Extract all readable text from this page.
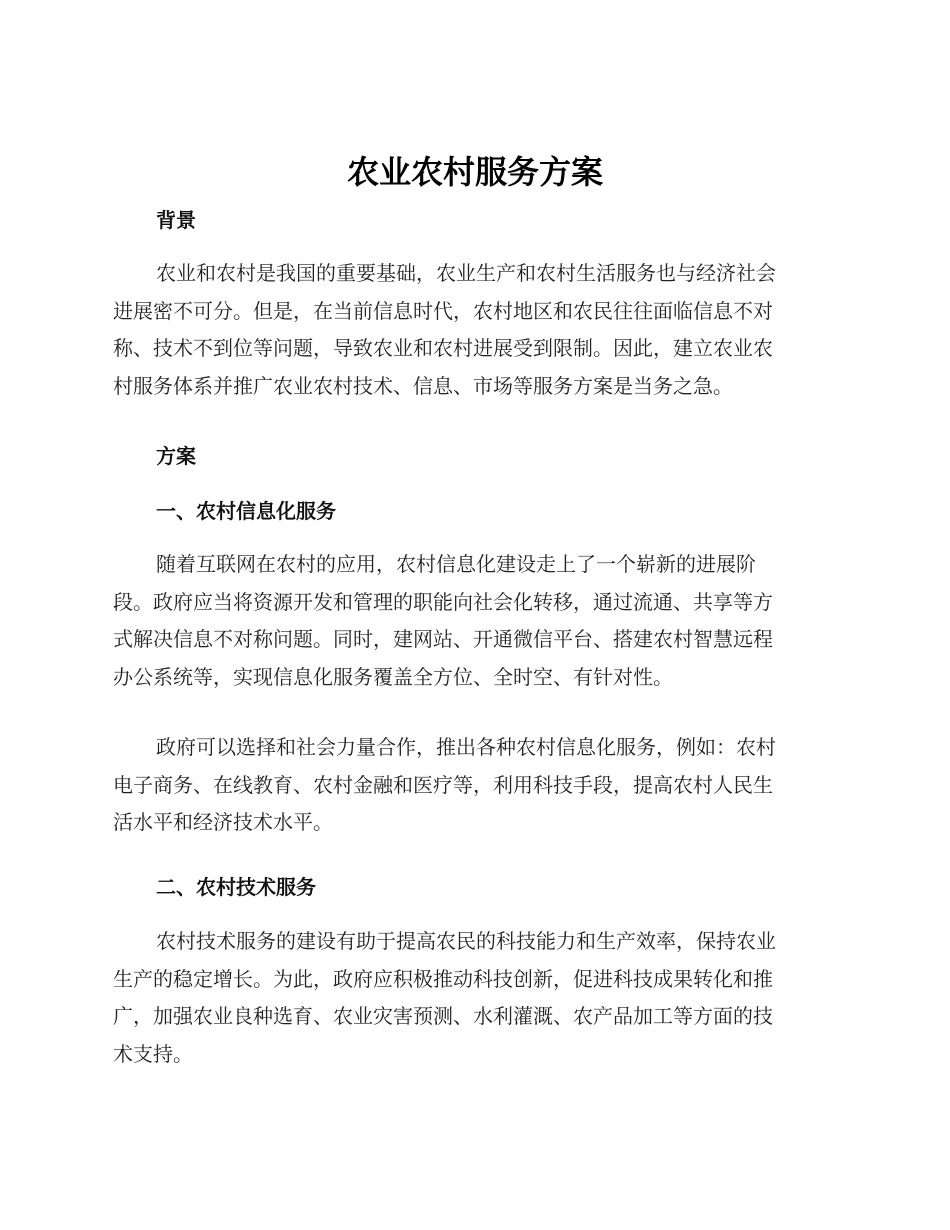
农业农村服务方案
背景
农业和农村是我国的重要基础，农业生产和农村生活服务也与经济社会
进展密不可分。但是，在当前信息时代，农村地区和农民往往面临信息不对
称、技术不到位等问题，导致农业和农村进展受到限制。因此，建立农业农
村服务体系并推广农业农村技术、信息、市场等服务方案是当务之急。
方案
一、农村信息化服务
随着互联网在农村的应用，农村信息化建设走上了一个崭新的进展阶
段。政府应当将资源开发和管理的职能向社会化转移，通过流通、共享等方
式解决信息不对称问题。同时，建网站、开通微信平台、搭建农村智慧远程
办公系统等，实现信息化服务覆盖全方位、全时空、有针对性。
政府可以选择和社会力量合作，推出各种农村信息化服务，例如：农村
电子商务、在线教育、农村金融和医疗等，利用科技手段，提高农村人民生
活水平和经济技术水平。
二、农村技术服务
农村技术服务的建设有助于提高农民的科技能力和生产效率，保持农业
生产的稳定增长。为此，政府应积极推动科技创新，促进科技成果转化和推
广，加强农业良种选育、农业灾害预测、水利灌溉、农产品加工等方面的技
术支持。
